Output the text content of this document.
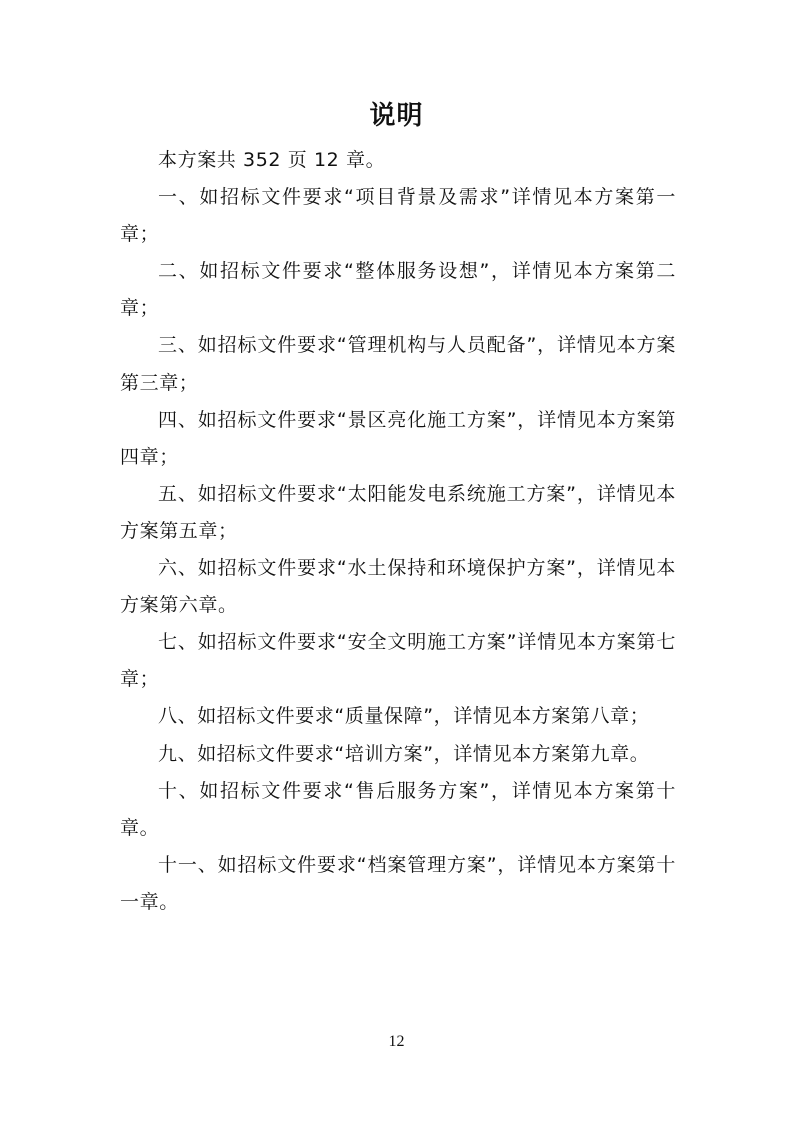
说明

本方案共 352 页 12 章。

一、如招标文件要求“项目背景及需求”详情见本方案第一章；

二、如招标文件要求“整体服务设想”，详情见本方案第二章；

三、如招标文件要求“管理机构与人员配备”，详情见本方案第三章；

四、如招标文件要求“景区亮化施工方案”，详情见本方案第四章；

五、如招标文件要求“太阳能发电系统施工方案”，详情见本方案第五章；

六、如招标文件要求“水土保持和环境保护方案”，详情见本方案第六章。

七、如招标文件要求“安全文明施工方案”详情见本方案第七章；

八、如招标文件要求“质量保障”，详情见本方案第八章；

九、如招标文件要求“培训方案”，详情见本方案第九章。

十、如招标文件要求“售后服务方案”，详情见本方案第十章。

十一、如招标文件要求“档案管理方案”，详情见本方案第十一章。

12
